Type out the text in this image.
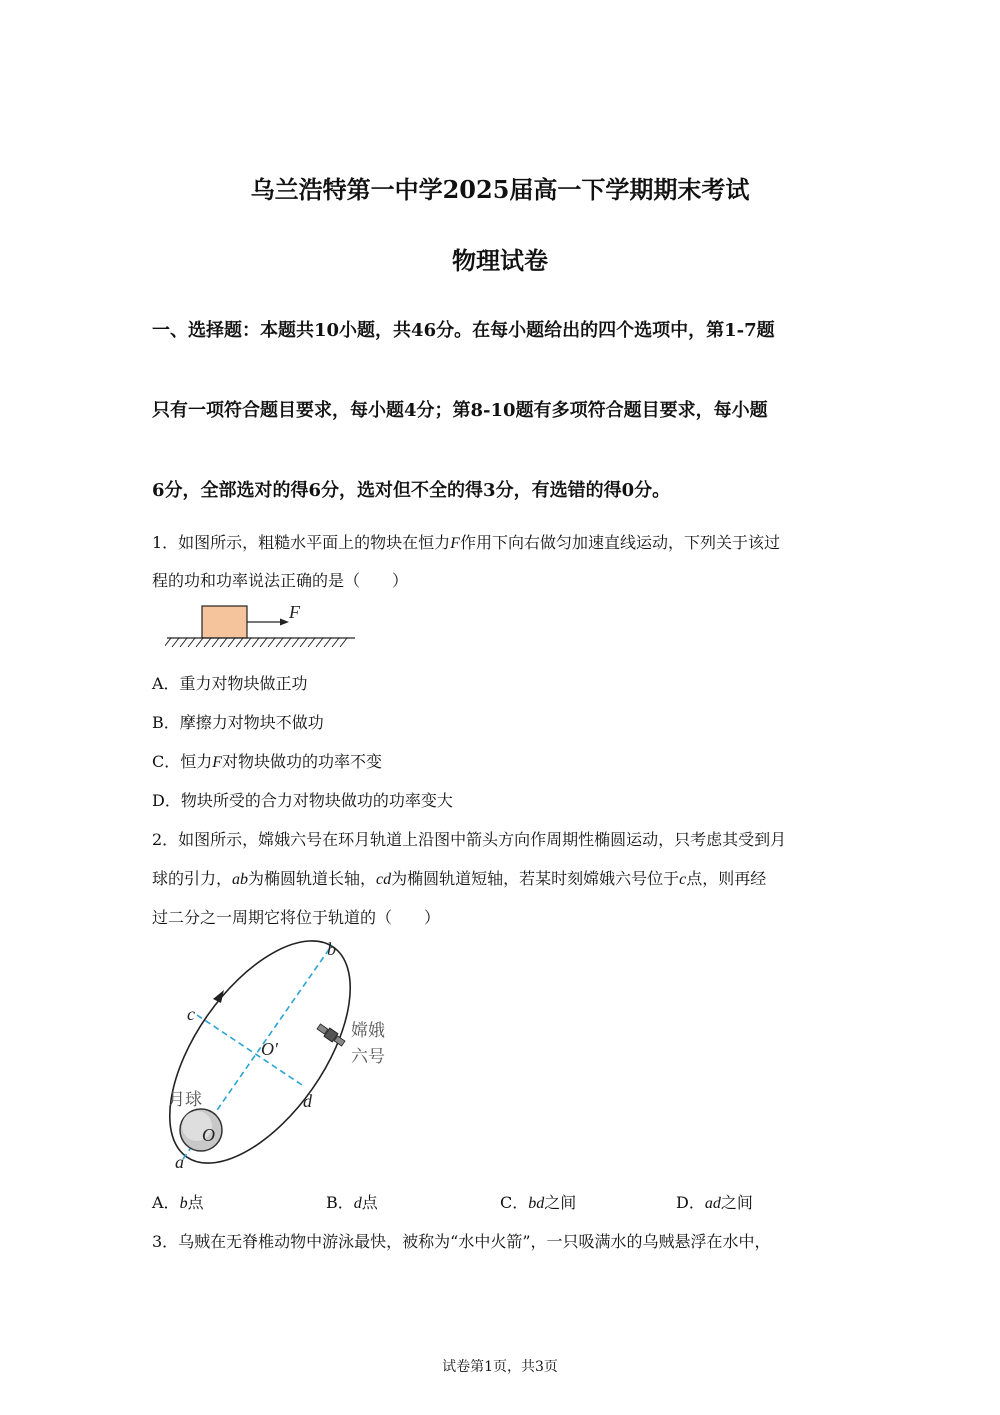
乌兰浩特第一中学2025届高一下学期期末考试
物理试卷
一、选择题：本题共10小题，共46分。在每小题给出的四个选项中，第1-7题
只有一项符合题目要求，每小题4分；第8-10题有多项符合题目要求，每小题
6分，全部选对的得6分，选对但不全的得3分，有选错的得0分。
1．如图所示，粗糙水平面上的物块在恒力F作用下向右做匀加速直线运动，下列关于该过
程的功和功率说法正确的是（　　）
F
A．重力对物块做正功
B．摩擦力对物块不做功
C．恒力F对物块做功的功率不变
D．物块所受的合力对物块做功的功率变大
2．如图所示，嫦娥六号在环月轨道上沿图中箭头方向作周期性椭圆运动，只考虑其受到月
球的引力，ab为椭圆轨道长轴，cd为椭圆轨道短轴，若某时刻嫦娥六号位于c点，则再经
过二分之一周期它将位于轨道的（　　）
b
c
d
a
O
O′
月球
嫦娥
六号
A．b点	B．d点	C．bd之间	D．ad之间
3．乌贼在无脊椎动物中游泳最快，被称为“水中火箭”，一只吸满水的乌贼悬浮在水中，
试卷第1页，共3页
